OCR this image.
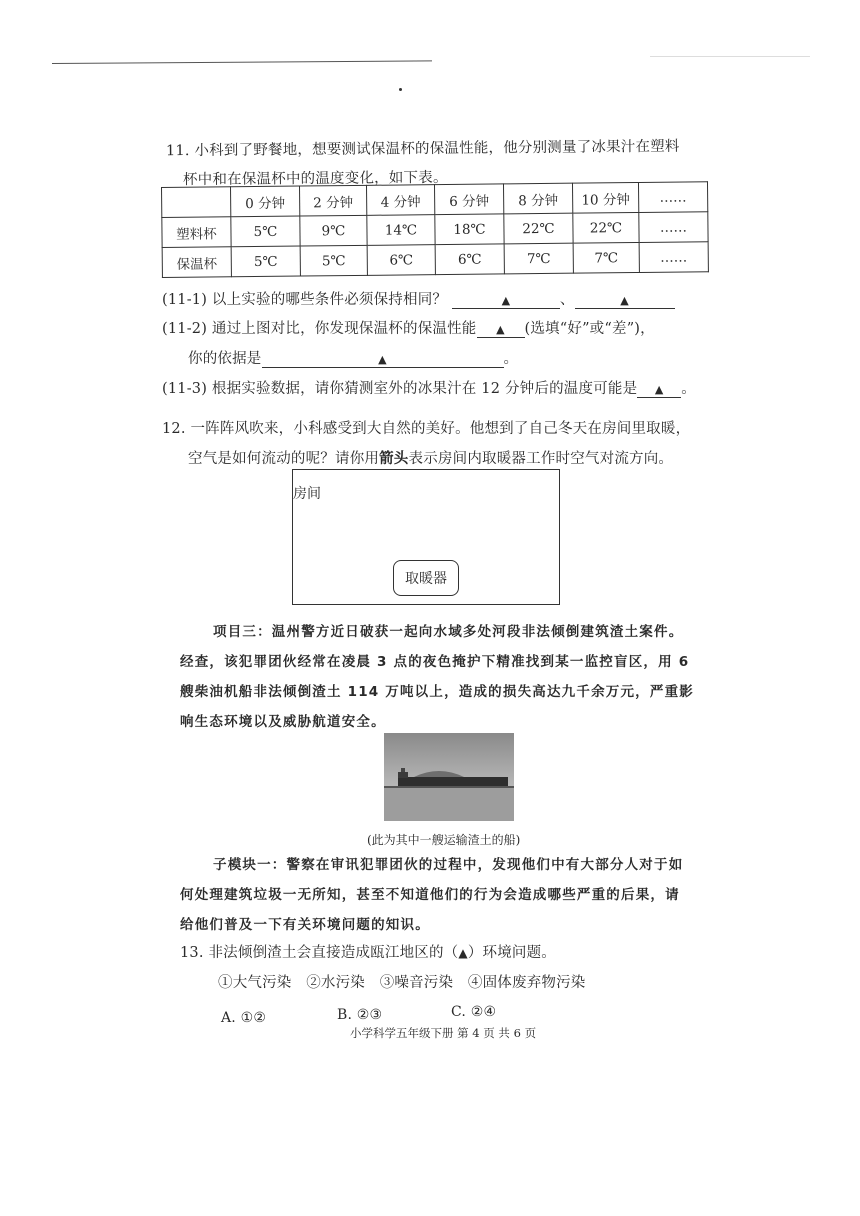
11. 小科到了野餐地，想要测试保温杯的保温性能，他分别测量了冰果汁在塑料
杯中和在保温杯中的温度变化，如下表。
	0 分钟	2 分钟	4 分钟	6 分钟	8 分钟	10 分钟	……
塑料杯	5℃	9℃	14℃	18℃	22℃	22℃	……
保温杯	5℃	5℃	6℃	6℃	7℃	7℃	……
(11-1) 以上实验的哪些条件必须保持相同？	▲	、	▲
(11-2) 通过上图对比，你发现保温杯的保温性能 ▲ (选填“好”或“差”)，
你的依据是	▲	。
(11-3) 根据实验数据，请你猜测室外的冰果汁在 12 分钟后的温度可能是 ▲ 。
12. 一阵阵风吹来，小科感受到大自然的美好。他想到了自己冬天在房间里取暖，
空气是如何流动的呢？请你用箭头表示房间内取暖器工作时空气对流方向。
房间
取暖器
项目三：温州警方近日破获一起向水域多处河段非法倾倒建筑渣土案件。
经查，该犯罪团伙经常在凌晨 3 点的夜色掩护下精准找到某一监控盲区，用 6
艘柴油机船非法倾倒渣土 114 万吨以上，造成的损失高达九千余万元，严重影
响生态环境以及威胁航道安全。
(此为其中一艘运输渣土的船)
子模块一：警察在审讯犯罪团伙的过程中，发现他们中有大部分人对于如
何处理建筑垃圾一无所知，甚至不知道他们的行为会造成哪些严重的后果，请
给他们普及一下有关环境问题的知识。
13. 非法倾倒渣土会直接造成瓯江地区的（▲）环境问题。
①大气污染　②水污染　③噪音污染　④固体废弃物污染
A. ①②	B. ②③	C. ②④
小学科学五年级下册 第 4 页 共 6 页
